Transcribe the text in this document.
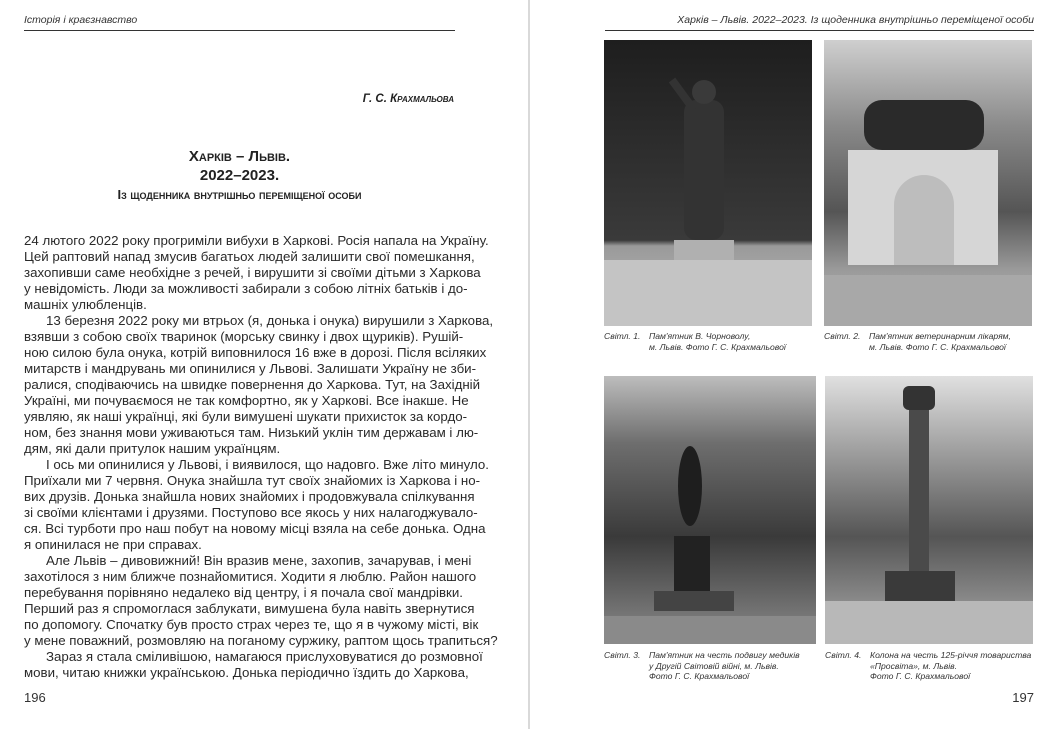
Історія і краєзнавство
Г. С. Крахмальова
Харків – Львів.
2022–2023.
Із щоденника внутрішньо переміщеної особи
24 лютого 2022 року прогриміли вибухи в Харкові. Росія напала на Україну.
Цей раптовий напад змусив багатьох людей залишити свої помешкання,
захопивши саме необхідне з речей, і вирушити зі своїми дітьми з Харкова
у невідомість. Люди за можливості забирали з собою літніх батьків і до-
машніх улюбленців.
13 березня 2022 року ми втрьох (я, донька і онука) вирушили з Харкова,
взявши з собою своїх тваринок (морську свинку і двох щуриків). Рушій-
ною силою була онука, котрій виповнилося 16 вже в дорозі. Після всіляких
митарств і мандрувань ми опинилися у Львові. Залишати Україну не зби-
ралися, сподіваючись на швидке повернення до Харкова. Тут, на Західній
Україні, ми почуваємося не так комфортно, як у Харкові. Все інакше. Не
уявляю, як наші українці, які були вимушені шукати прихисток за кордо-
ном, без знання мови уживаються там. Низький уклін тим державам і лю-
дям, які дали притулок нашим українцям.
І ось ми опинилися у Львові, і виявилося, що надовго. Вже літо минуло.
Приїхали ми 7 червня. Онука знайшла тут своїх знайомих із Харкова і но-
вих друзів. Донька знайшла нових знайомих і продовжувала спілкування
зі своїми клієнтами і друзями. Поступово все якось у них налагоджувало-
ся. Всі турботи про наш побут на новому місці взяла на себе донька. Одна
я опинилася не при справах.
Але Львів – дивовижний! Він вразив мене, захопив, зачарував, і мені
захотілося з ним ближче познайомитися. Ходити я люблю. Район нашого
перебування порівняно недалеко від центру, і я почала свої мандрівки.
Перший раз я спромоглася заблукати, вимушена була навіть звернутися
по допомогу. Спочатку був просто страх через те, що я в чужому місті, вік
у мене поважний, розмовляю на поганому суржику, раптом щось трапиться?
Зараз я стала сміливішою, намагаюся прислуховуватися до розмовної
мови, читаю книжки українською. Донька періодично їздить до Харкова,
196
Харків – Львів. 2022–2023. Із щоденника внутрішньо переміщеної особи
Світл. 1. Пам'ятник В. Чорноволу,
м. Львів. Фото Г. С. Крахмальової
Світл. 2. Пам'ятник ветеринарним лікарям,
м. Львів. Фото Г. С. Крахмальової
Світл. 3. Пам'ятник на честь подвигу медиків
у Другій Світовій війні, м. Львів.
Фото Г. С. Крахмальової
Світл. 4. Колона на честь 125-річчя товариства
«Просвіта», м. Львів.
Фото Г. С. Крахмальової
197
